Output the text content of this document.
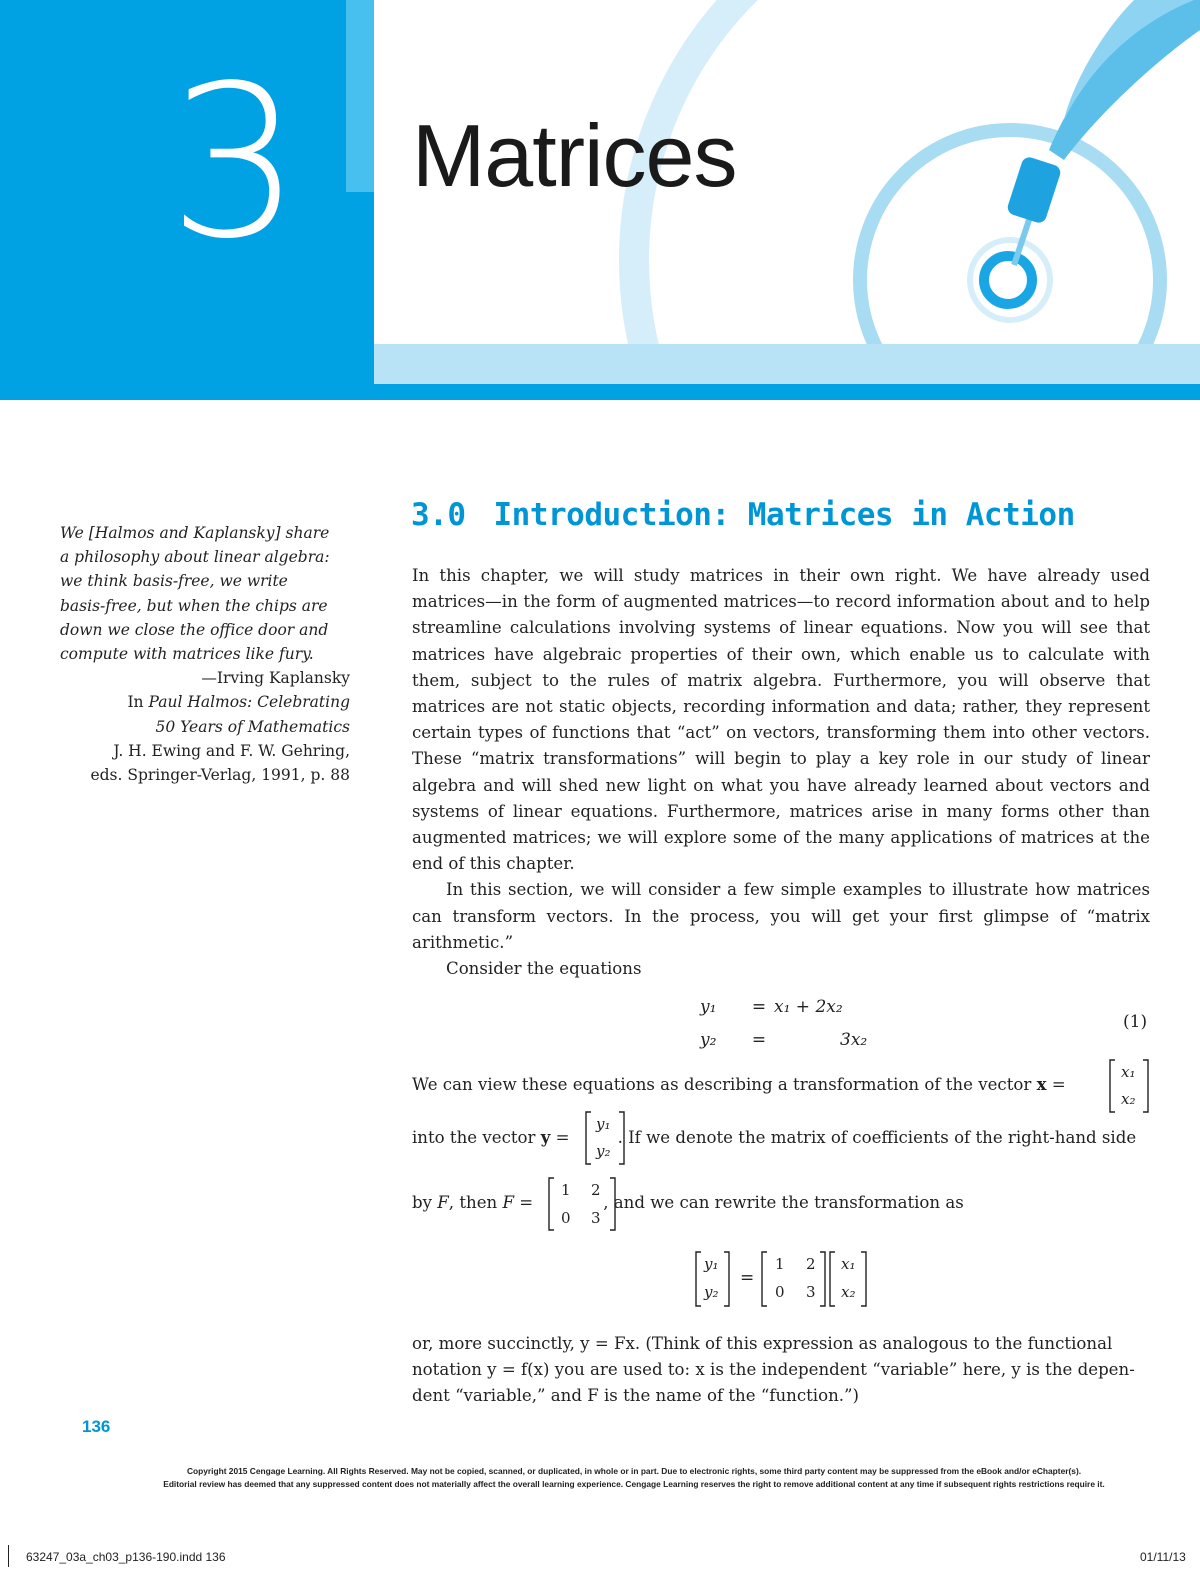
3 Matrices
We [Halmos and Kaplansky] share
a philosophy about linear algebra:
we think basis-free, we write
basis-free, but when the chips are
down we close the office door and
compute with matrices like fury.
—Irving Kaplansky
In Paul Halmos: Celebrating
50 Years of Mathematics
J. H. Ewing and F. W. Gehring,
eds. Springer-Verlag, 1991, p. 88
3.0 Introduction: Matrices in Action

In this chapter, we will study matrices in their own right. We have already used matrices—in the form of augmented matrices—to record information about and to help streamline calculations involving systems of linear equations. Now you will see that matrices have algebraic properties of their own, which enable us to calculate with them, subject to the rules of matrix algebra. Furthermore, you will observe that matrices are not static objects, recording information and data; rather, they represent certain types of functions that “act” on vectors, transforming them into other vectors. These “matrix transformations” will begin to play a key role in our study of linear algebra and will shed new light on what you have already learned about vectors and systems of linear equations. Furthermore, matrices arise in many forms other than augmented matrices; we will explore some of the many applications of matrices at the end of this chapter.

In this section, we will consider a few simple examples to illustrate how matrices can transform vectors. In the process, you will get your first glimpse of “matrix arithmetic.”

Consider the equations

y₁	= x₁ + 2x₂
y₂	=	3x₂
(1)
We can view these equations as describing a transformation of the vector x =
x₁
x₂
into the vector y =	. If we denote the matrix of coefficients of the right-hand side
y₁
y₂
by F, then F =	, and we can rewrite the transformation as
1 2
0 3
y₁
y₂
=
1 2
0 3
x₁
x₂
or, more succinctly, y = Fx. (Think of this expression as analogous to the functional
notation y = f(x) you are used to: x is the independent “variable” here, y is the depen-
dent “variable,” and F is the name of the “function.”)
136
Copyright 2015 Cengage Learning. All Rights Reserved. May not be copied, scanned, or duplicated, in whole or in part. Due to electronic rights, some third party content may be suppressed from the eBook and/or eChapter(s).
Editorial review has deemed that any suppressed content does not materially affect the overall learning experience. Cengage Learning reserves the right to remove additional content at any time if subsequent rights restrictions require it.
63247_03a_ch03_p136-190.indd 136	01/11/13
